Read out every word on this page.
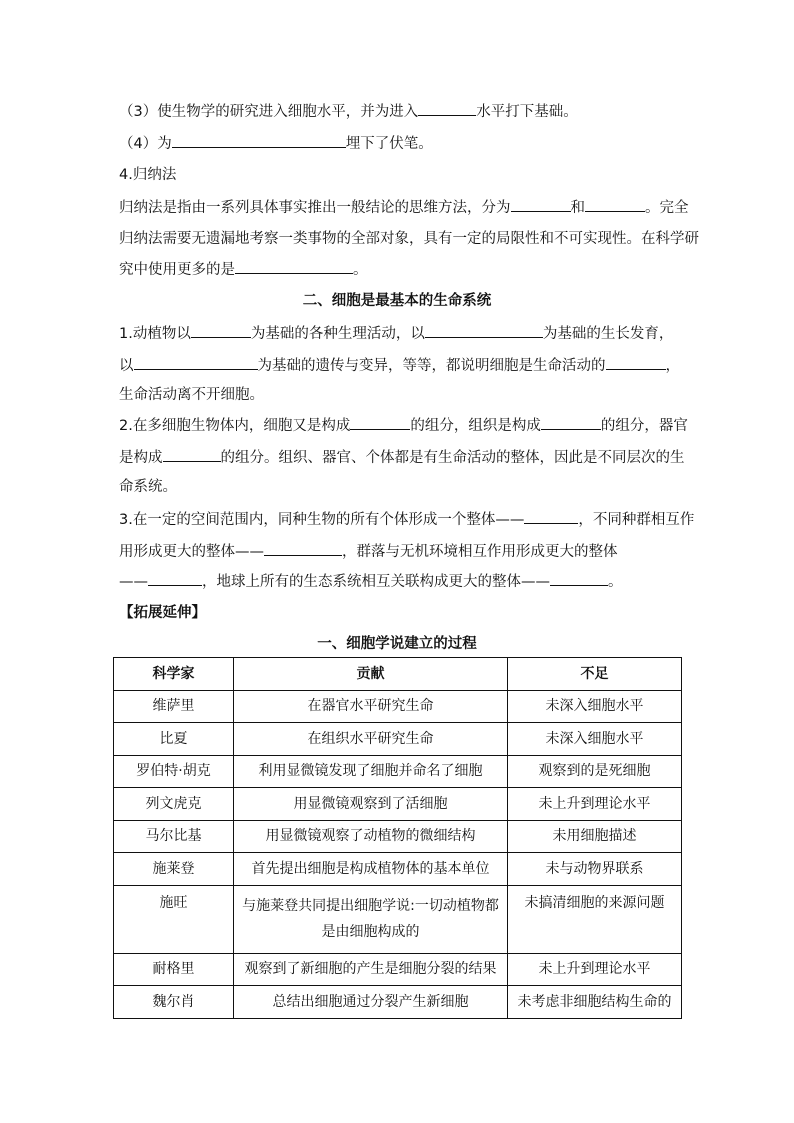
（3）使生物学的研究进入细胞水平，并为进入	水平打下基础。
（4）为	埋下了伏笔。
4.归纳法
归纳法是指由一系列具体事实推出一般结论的思维方法，分为	和	。完全
归纳法需要无遗漏地考察一类事物的全部对象，具有一定的局限性和不可实现性。在科学研
究中使用更多的是	。
二、细胞是最基本的生命系统
1.动植物以	为基础的各种生理活动，以	为基础的生长发育，
以	为基础的遗传与变异，等等，都说明细胞是生命活动的	，
生命活动离不开细胞。
2.在多细胞生物体内，细胞又是构成	的组分，组织是构成	的组分，器官
是构成	的组分。组织、器官、个体都是有生命活动的整体，因此是不同层次的生
命系统。
3.在一定的空间范围内，同种生物的所有个体形成一个整体——	，不同种群相互作
用形成更大的整体——	，群落与无机环境相互作用形成更大的整体
——	，地球上所有的生态系统相互关联构成更大的整体——	。
【拓展延伸】
一、细胞学说建立的过程
科学家	贡献	不足
维萨里	在器官水平研究生命	未深入细胞水平
比夏	在组织水平研究生命	未深入细胞水平
罗伯特·胡克	利用显微镜发现了细胞并命名了细胞	观察到的是死细胞
列文虎克	用显微镜观察到了活细胞	未上升到理论水平
马尔比基	用显微镜观察了动植物的微细结构	未用细胞描述
施莱登	首先提出细胞是构成植物体的基本单位	未与动物界联系
施旺	与施莱登共同提出细胞学说:一切动植物都是由细胞构成的	未搞清细胞的来源问题
耐格里	观察到了新细胞的产生是细胞分裂的结果	未上升到理论水平
魏尔肖	总结出细胞通过分裂产生新细胞	未考虑非细胞结构生命的
